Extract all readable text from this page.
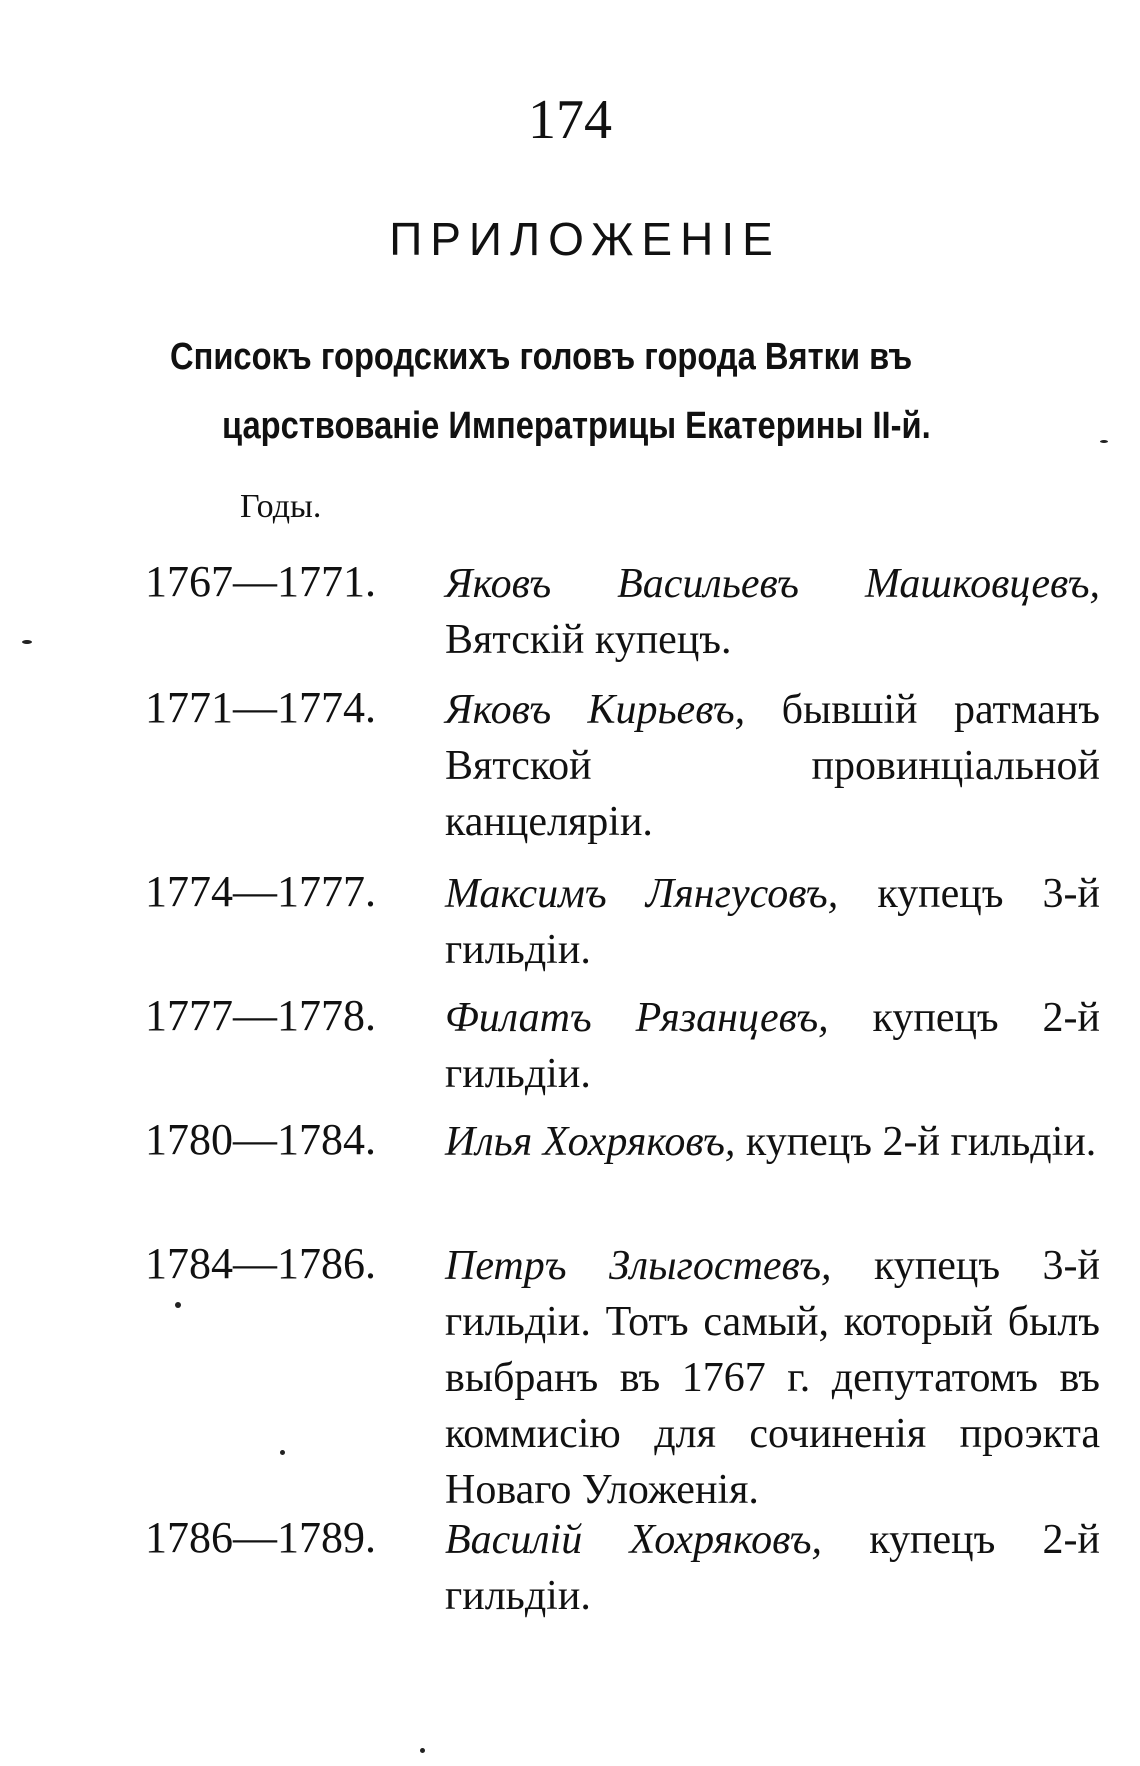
174
ПРИЛОЖЕНIЕ
Списокъ городскихъ головъ города Вятки въ
царствованiе Императрицы Екатерины II-й.
Годы.
1767—1771. Яковъ Васильевъ Машковцевъ, Вятскiй купецъ.
1771—1774. Яковъ Кирьевъ, бывшiй ратманъ Вятской провинцiальной канцелярiи.
1774—1777. Максимъ Лянгусовъ, купецъ 3-й гильдiи.
1777—1778. Филатъ Рязанцевъ, купецъ 2-й гильдiи.
1780—1784. Илья Хохряковъ, купецъ 2-й гильдiи.
1784—1786. Петръ Злыгостевъ, купецъ 3-й гильдiи. Тотъ самый, который былъ выбранъ въ 1767 г. депутатомъ въ коммисiю для сочиненiя проэкта Новаго Уложенiя.
1786—1789. Василiй Хохряковъ, купецъ 2-й гильдiи.
